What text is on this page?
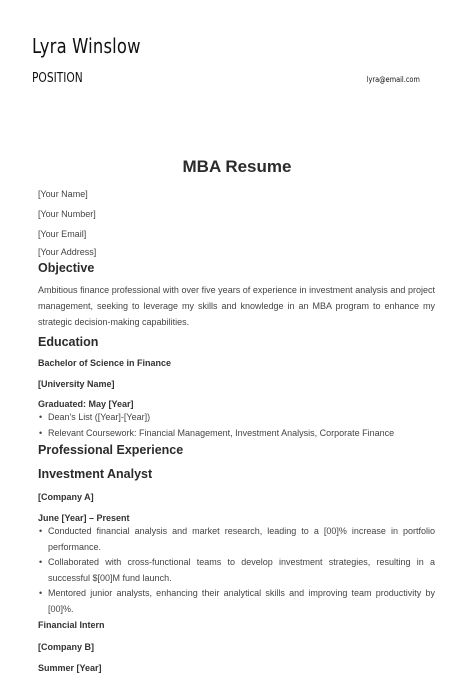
Lyra Winslow
POSITION	lyra@email.com
MBA Resume
[Your Name]
[Your Number]
[Your Email]
[Your Address]
Objective
Ambitious finance professional with over five years of experience in investment analysis and project management, seeking to leverage my skills and knowledge in an MBA program to enhance my strategic decision-making capabilities.
Education
Bachelor of Science in Finance
[University Name]
Graduated: May [Year]
• Dean's List ([Year]-[Year])
• Relevant Coursework: Financial Management, Investment Analysis, Corporate Finance
Professional Experience
Investment Analyst
[Company A]
June [Year] – Present
• Conducted financial analysis and market research, leading to a [00]% increase in portfolio performance.
• Collaborated with cross-functional teams to develop investment strategies, resulting in a successful $[00]M fund launch.
• Mentored junior analysts, enhancing their analytical skills and improving team productivity by [00]%.
Financial Intern
[Company B]
Summer [Year]
